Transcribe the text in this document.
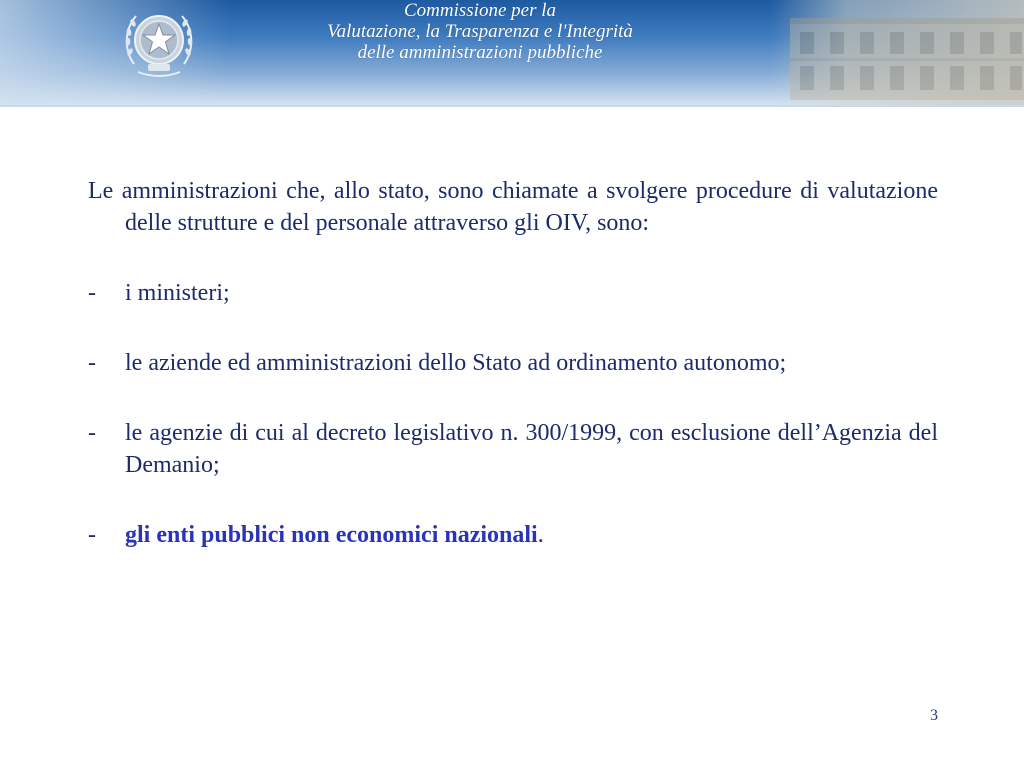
Commissione per la
Valutazione, la Trasparenza e l'Integrità
delle amministrazioni pubbliche

Le amministrazioni che, allo stato, sono chiamate a svolgere procedure di valutazione delle strutture e del personale attraverso gli OIV, sono:

-	i ministeri;
-	le aziende ed amministrazioni dello Stato ad ordinamento autonomo;
-	le agenzie di cui al decreto legislativo n. 300/1999, con esclusione dell’Agenzia del Demanio;
-	gli enti pubblici non economici nazionali.
3
